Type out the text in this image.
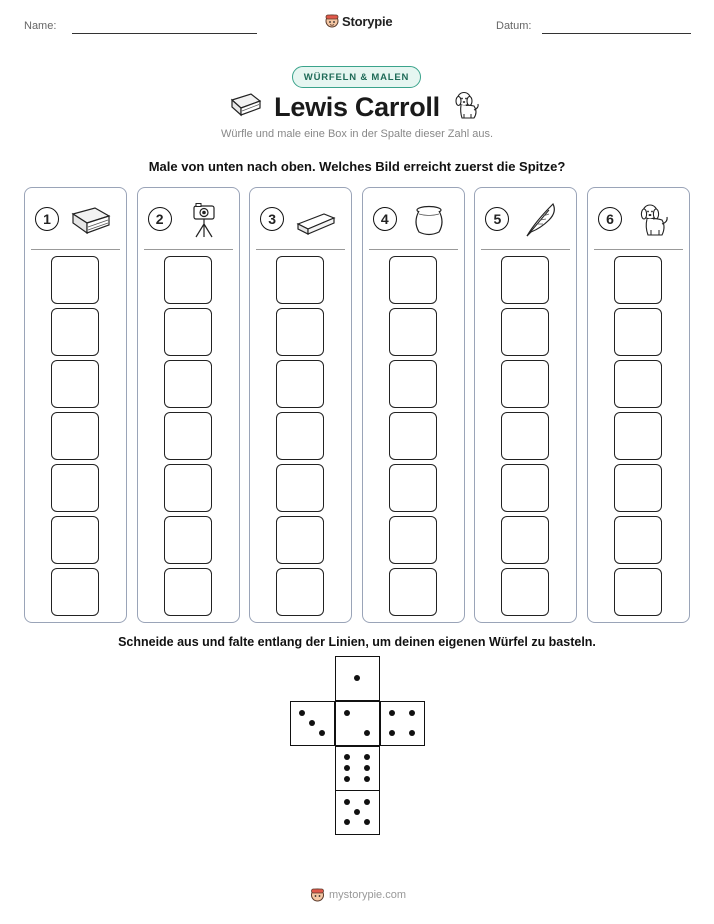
Name:	Storypie	Datum:
WÜRFELN & MALEN
Lewis Carroll
Würfle und male eine Box in der Spalte dieser Zahl aus.
Male von unten nach oben. Welches Bild erreicht zuerst die Spitze?
1	2	3	4	5	6
Schneide aus und falte entlang der Linien, um deinen eigenen Würfel zu basteln.
mystorypie.com
